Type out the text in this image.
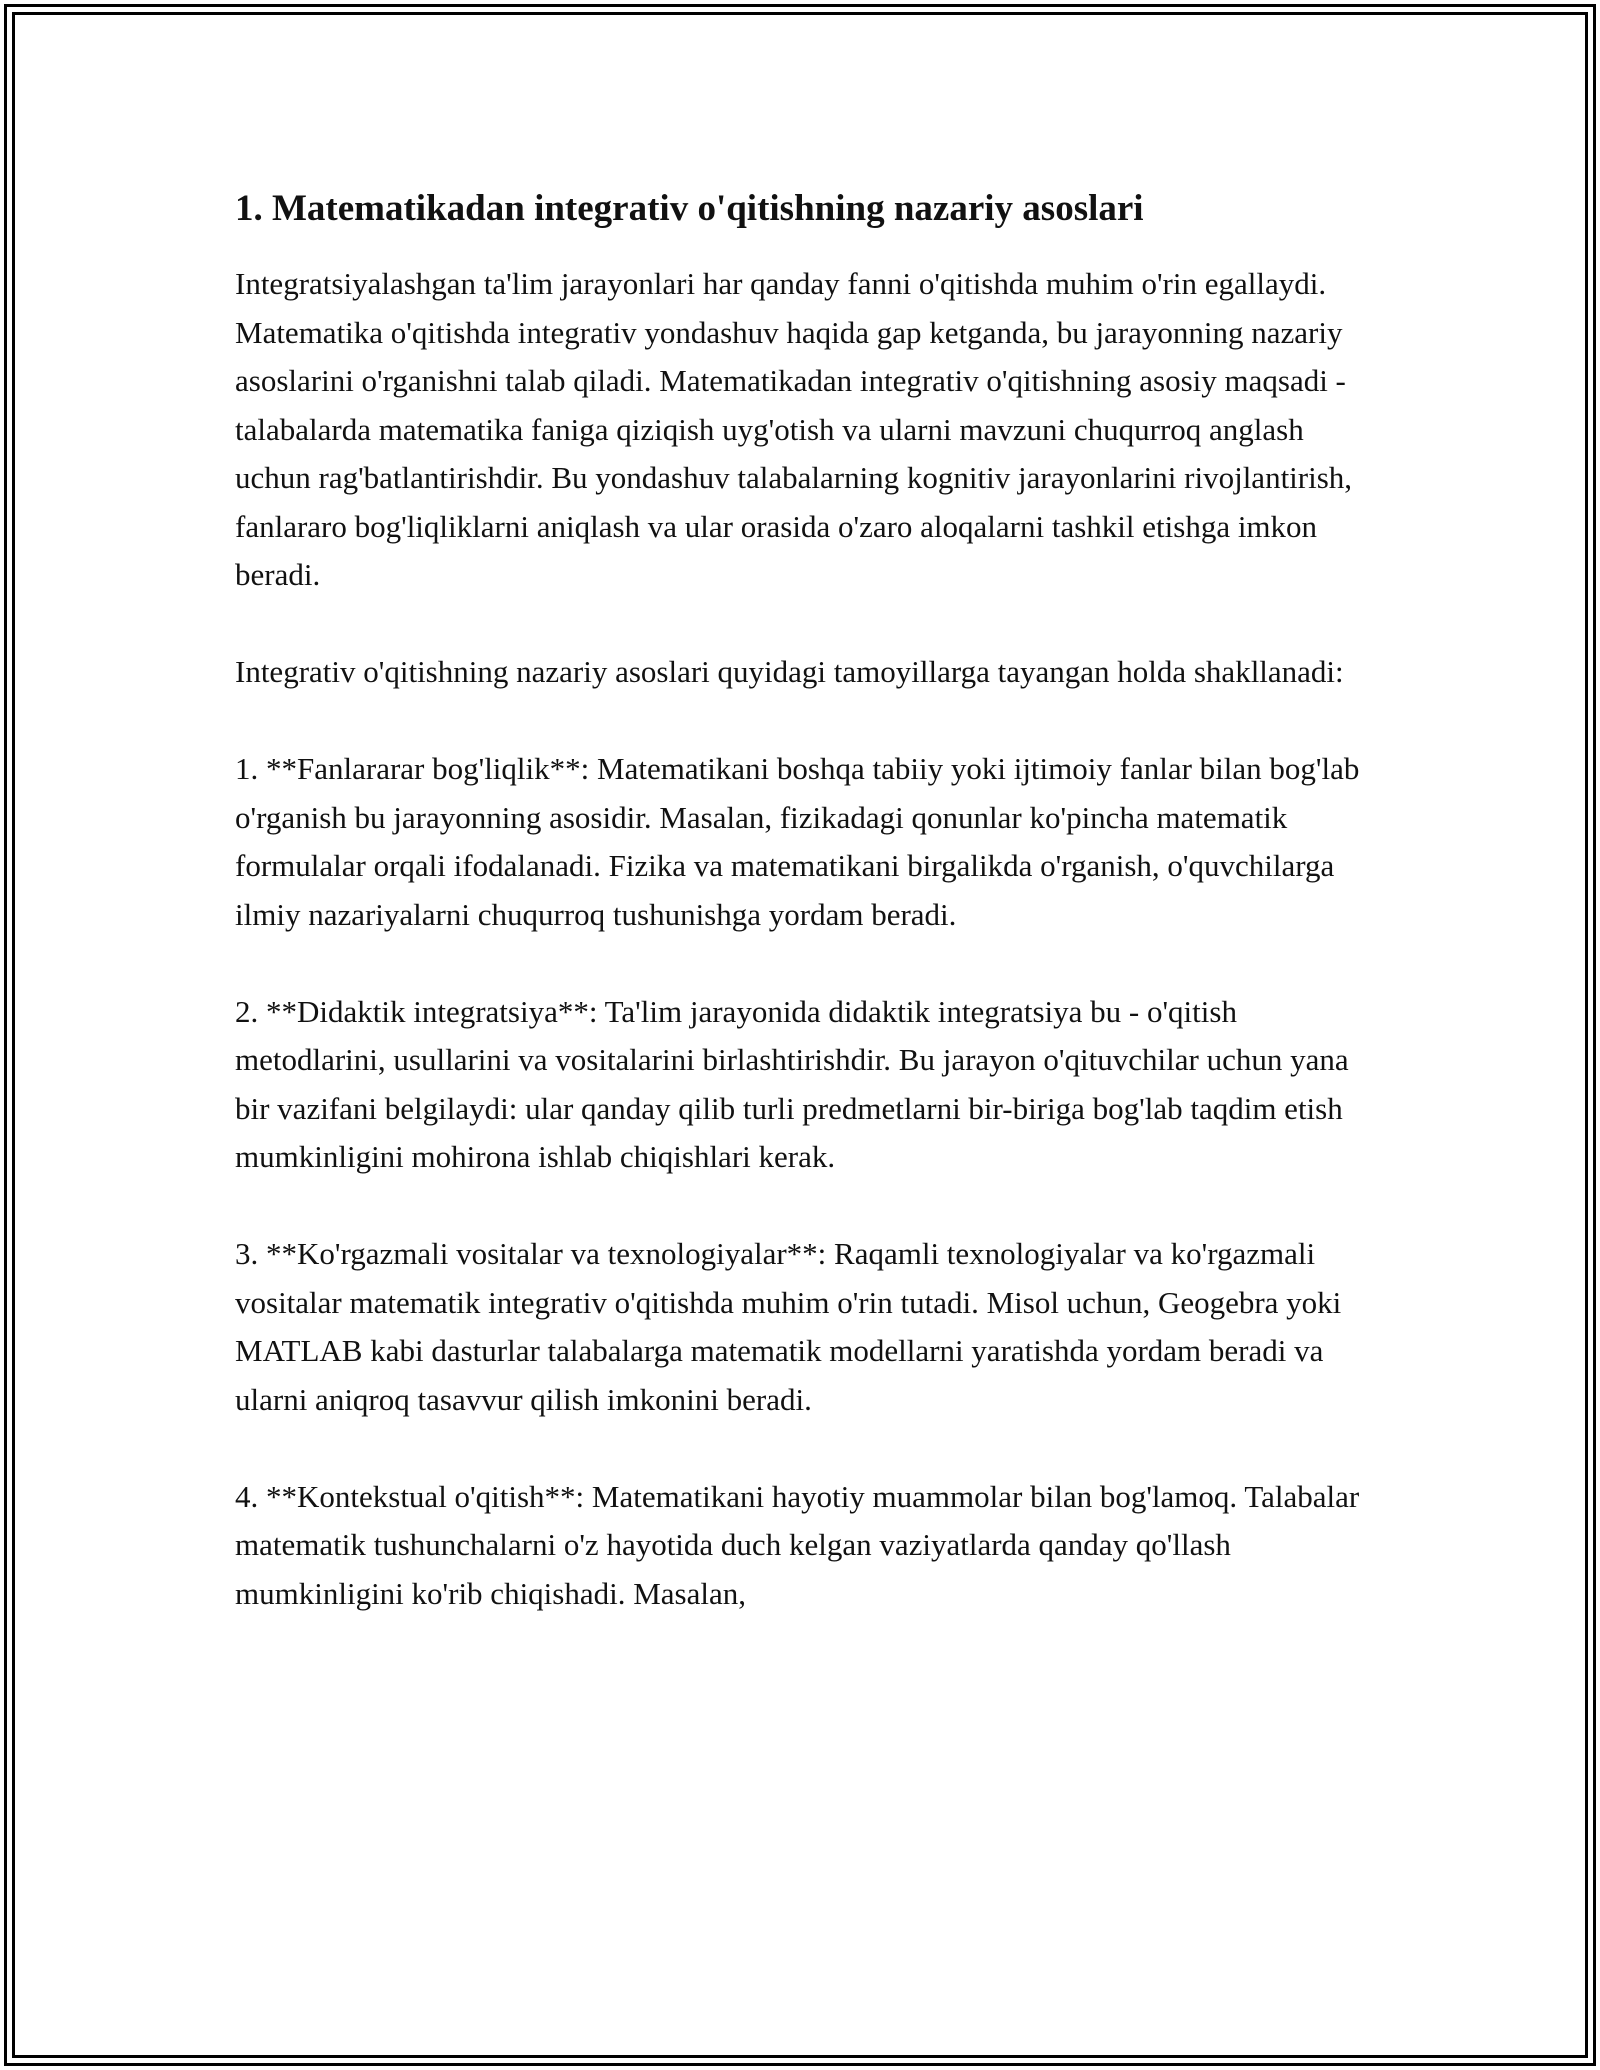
1. Matematikadan integrativ o'qitishning nazariy asoslari

Integratsiyalashgan ta'lim jarayonlari har qanday fanni o'qitishda muhim o'rin egallaydi. Matematika o'qitishda integrativ yondashuv haqida gap ketganda, bu jarayonning nazariy asoslarini o'rganishni talab qiladi. Matematikadan integrativ o'qitishning asosiy maqsadi - talabalarda matematika faniga qiziqish uyg'otish va ularni mavzuni chuqurroq anglash uchun rag'batlantirishdir. Bu yondashuv talabalarning kognitiv jarayonlarini rivojlantirish, fanlararo bog'liqliklarni aniqlash va ular orasida o'zaro aloqalarni tashkil etishga imkon beradi.

Integrativ o'qitishning nazariy asoslari quyidagi tamoyillarga tayangan holda shakllanadi:

1. **Fanlararar bog'liqlik**: Matematikani boshqa tabiiy yoki ijtimoiy fanlar bilan bog'lab o'rganish bu jarayonning asosidir. Masalan, fizikadagi qonunlar ko'pincha matematik formulalar orqali ifodalanadi. Fizika va matematikani birgalikda o'rganish, o'quvchilarga ilmiy nazariyalarni chuqurroq tushunishga yordam beradi.

2. **Didaktik integratsiya**: Ta'lim jarayonida didaktik integratsiya bu - o'qitish metodlarini, usullarini va vositalarini birlashtirishdir. Bu jarayon o'qituvchilar uchun yana bir vazifani belgilaydi: ular qanday qilib turli predmetlarni bir-biriga bog'lab taqdim etish mumkinligini mohirona ishlab chiqishlari kerak.

3. **Ko'rgazmali vositalar va texnologiyalar**: Raqamli texnologiyalar va ko'rgazmali vositalar matematik integrativ o'qitishda muhim o'rin tutadi. Misol uchun, Geogebra yoki MATLAB kabi dasturlar talabalarga matematik modellarni yaratishda yordam beradi va ularni aniqroq tasavvur qilish imkonini beradi.

4. **Kontekstual o'qitish**: Matematikani hayotiy muammolar bilan bog'lamoq. Talabalar matematik tushunchalarni o'z hayotida duch kelgan vaziyatlarda qanday qo'llash mumkinligini ko'rib chiqishadi. Masalan,
